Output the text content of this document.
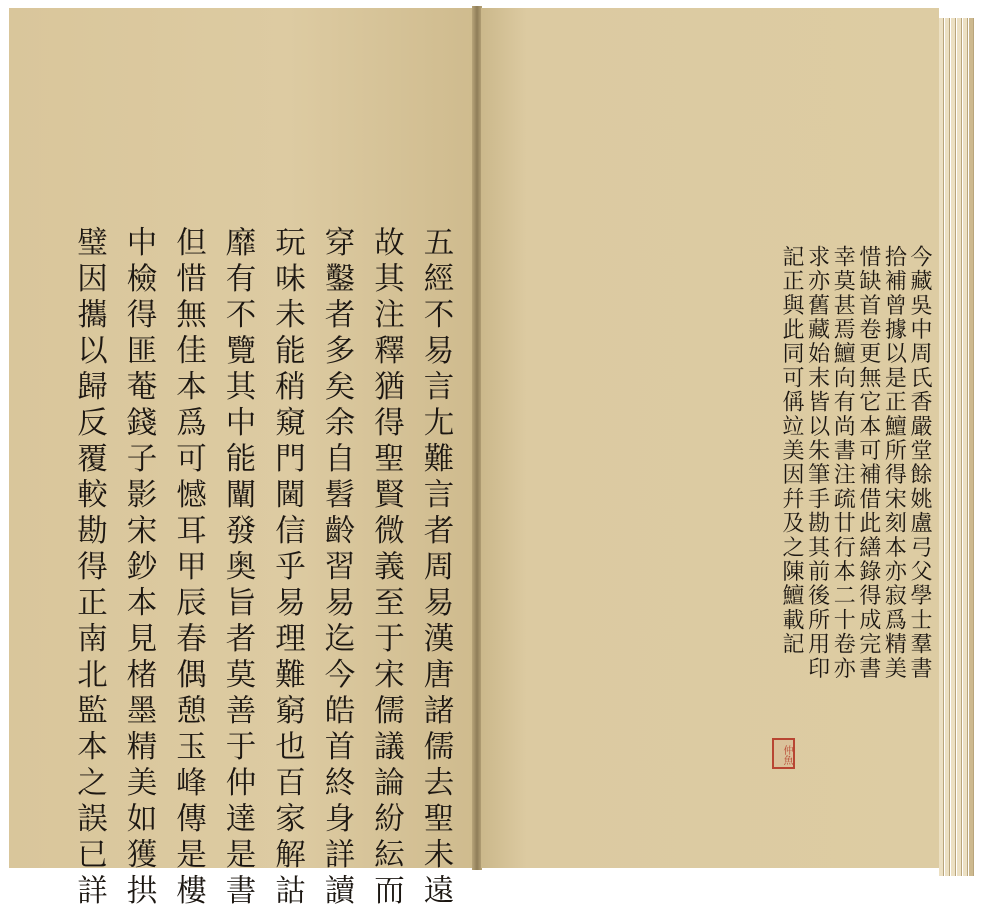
五經不易言尢難言者周易漢唐諸儒去聖未遠
故其注釋猶得聖賢微義至于宋儒議論紛紜而
穿鑿者多矣余自髫齡習易迄今皓首終身詳讀
玩味未能稍窺門閫信乎易理難窮也百家解詁
靡有不覽其中能闡發奥旨者莫善于仲達是書
但惜無佳本爲可憾耳甲辰春偶憩玉峰傳是樓
中檢得匪菴錢子影宋鈔本見楮墨精美如獲拱
璧因攜以歸反覆較勘得正南北監本之誤已詳	今藏吳中周氏香嚴堂餘姚盧弓父學士羣書
拾補曾據以是正鱣所得宋刻本亦寂爲精美
惜缺首卷更無它本可補借此繕錄得成完書
幸莫甚焉鱣向有尚書注疏廿行本二十卷亦
求亦舊藏始末皆以朱筆手勘其前後所用印
記正與此同可偁竝美因幷及之陳鱣載記
仲魚
